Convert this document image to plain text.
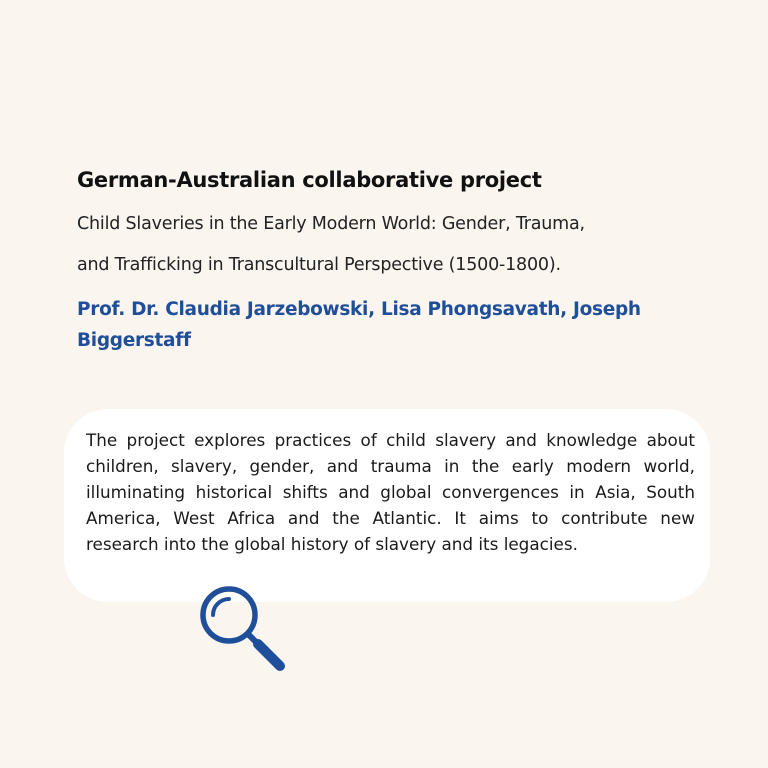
German-Australian collaborative project

Child Slaveries in the Early Modern World: Gender, Trauma,
and Trafficking in Transcultural Perspective (1500-1800).

Prof. Dr. Claudia Jarzebowski, Lisa Phongsavath, Joseph Biggerstaff

The project explores practices of child slavery and knowledge about children, slavery, gender, and trauma in the early modern world, illuminating historical shifts and global convergences in Asia, South America, West Africa and the Atlantic. It aims to contribute new research into the global history of slavery and its legacies.
